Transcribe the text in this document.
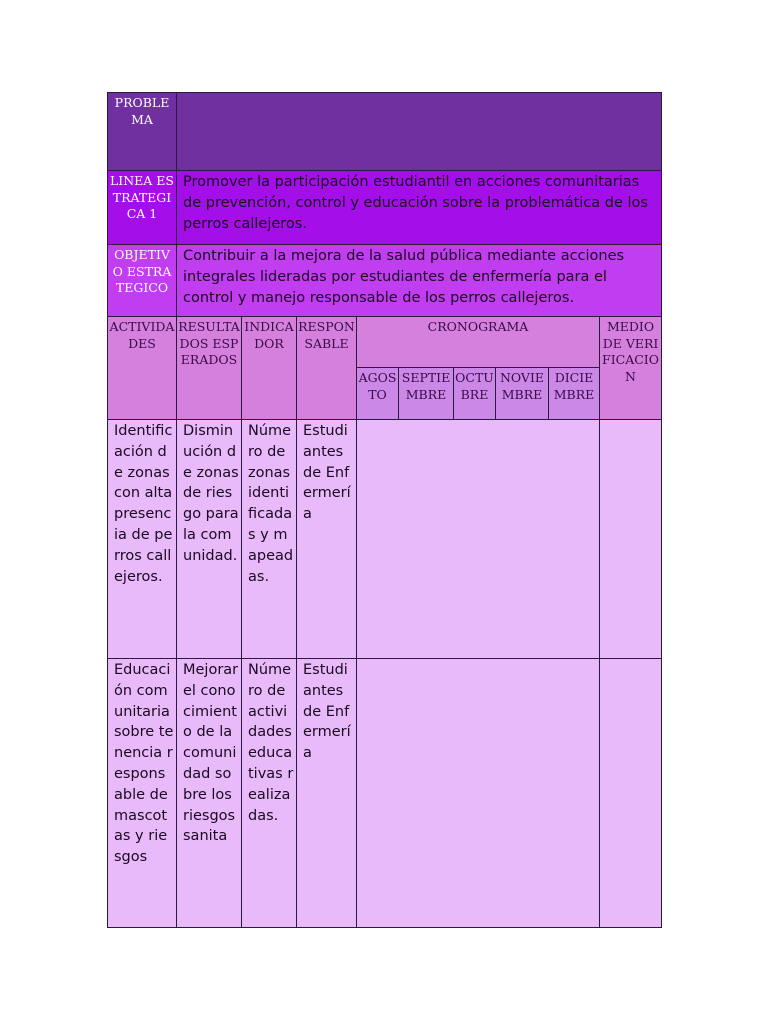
PROBLEMA									

LINEA ESTRATEGICA 1	Promover la participación estudiantil en acciones comunitarias de prevención, control y educación sobre la problemática de los perros callejeros.								

OBJETIVO ESTRATEGICO	Contribuir a la mejora de la salud pública mediante acciones integrales lideradas por estudiantes de enfermería para el control y manejo responsable de los perros callejeros.								

ACTIVIDADES	RESULTADOS ESPERADOS	INDICADOR	RESPONSABLE	CRONOGRAMA					MEDIO DE VERIFICACION

				AGOSTO	SEPTIEMBRE	OCTUBRE	NOVIEMBRE	DICIEMBRE	

Identificación de zonas con alta presencia de perros callejeros.	Disminución de zonas de riesgo para la comunidad.	Número de zonas identificadas y mapeadas.	Estudiantes de Enfermería						

Educación comunitaria sobre tenencia responsable de mascotas y riesgos	Mejorar el conocimiento de la comunidad sobre los riesgos sanita	Número de actividades educativas realizadas.	Estudiantes de Enfermería						
